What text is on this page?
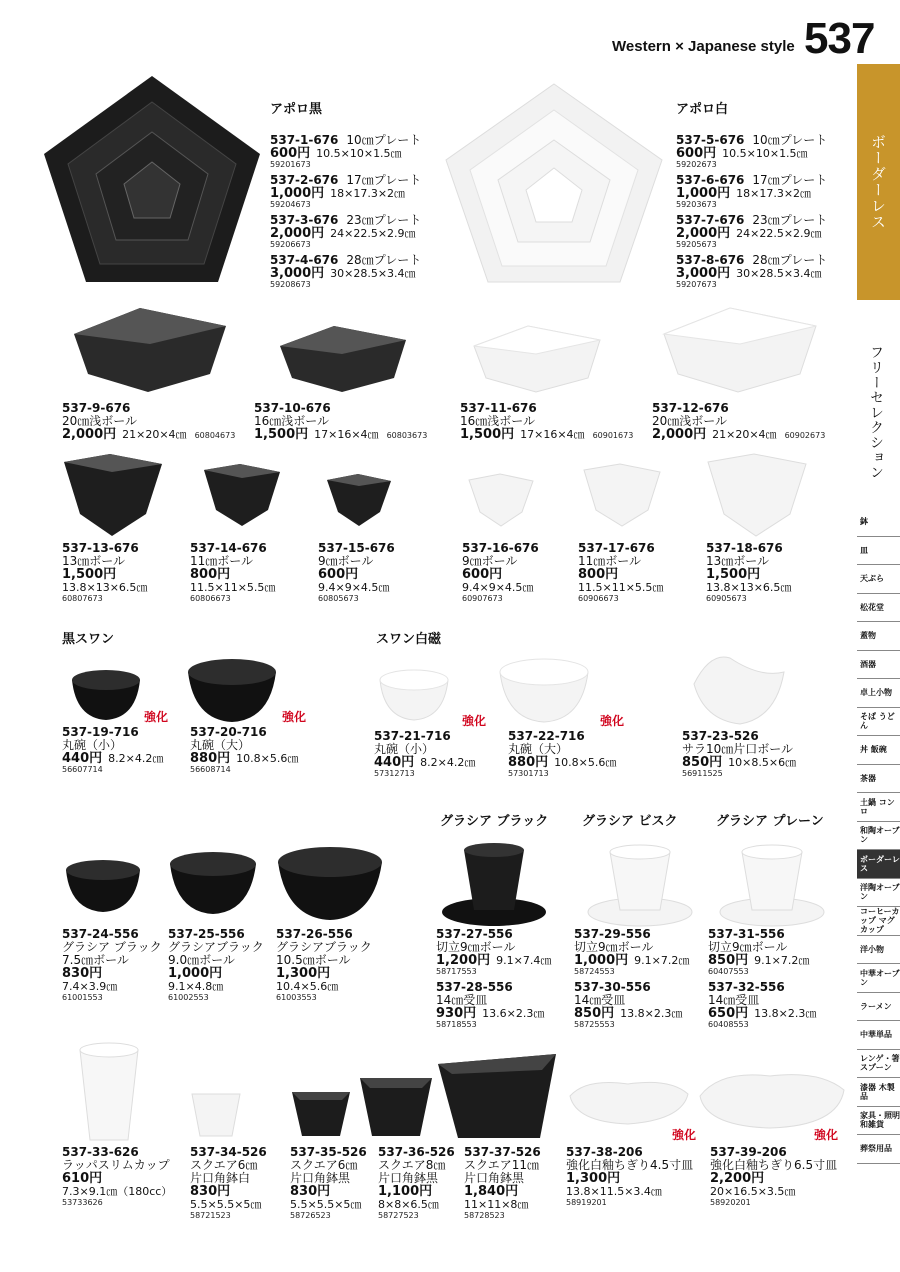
Western × Japanese style 537
ボーダーレス
フリーセレクション
鉢
皿
天ぷら
松花堂
蓋物
酒器
卓上小物
そば うどん
丼 飯碗
茶器
土鍋 コンロ
和陶オーブン
ボーダーレス
洋陶オーブン
コーヒーカップ マグカップ
洋小物
中華オーブン
ラーメン
中華単品
レンゲ・箸 スプーン
漆器 木製品
家具・照明 和雑貨
葬祭用品
アポロ黒	アポロ白
黒スワン	スワン白磁
グラシア ブラック	グラシア ビスク	グラシア プレーン
強化	強化	強化	強化
強化	強化
537-1-676 10㎝プレート
600円 10.5×10×1.5㎝
59201673
537-2-676 17㎝プレート
1,000円 18×17.3×2㎝
59204673
537-3-676 23㎝プレート
2,000円 24×22.5×2.9㎝
59206673
537-4-676 28㎝プレート
3,000円 30×28.5×3.4㎝
59208673
537-5-676 10㎝プレート
600円 10.5×10×1.5㎝
59202673
537-6-676 17㎝プレート
1,000円 18×17.3×2㎝
59203673
537-7-676 23㎝プレート
2,000円 24×22.5×2.9㎝
59205673
537-8-676 28㎝プレート
3,000円 30×28.5×3.4㎝
59207673
537-9-676
20㎝浅ボール
2,000円 21×20×4㎝ 60804673
537-10-676
16㎝浅ボール
1,500円 17×16×4㎝ 60803673
537-11-676
16㎝浅ボール
1,500円 17×16×4㎝ 60901673
537-12-676
20㎝浅ボール
2,000円 21×20×4㎝ 60902673
537-13-676
13㎝ボール
1,500円
13.8×13×6.5㎝
60807673
537-14-676
11㎝ボール
800円
11.5×11×5.5㎝
60806673
537-15-676
9㎝ボール
600円
9.4×9×4.5㎝
60805673
537-16-676
9㎝ボール
600円
9.4×9×4.5㎝
60907673
537-17-676
11㎝ボール
800円
11.5×11×5.5㎝
60906673
537-18-676
13㎝ボール
1,500円
13.8×13×6.5㎝
60905673
537-19-716
丸碗（小）
440円 8.2×4.2㎝
56607714
537-20-716
丸碗（大）
880円 10.8×5.6㎝
56608714
537-21-716
丸碗（小）
440円 8.2×4.2㎝
57312713
537-22-716
丸碗（大）
880円 10.8×5.6㎝
57301713
537-23-526
サラ10㎝片口ボール
850円 10×8.5×6㎝
56911525
537-24-556
グラシア ブラック
7.5㎝ボール
830円
7.4×3.9㎝
61001553
537-25-556
グラシアブラック
9.0㎝ボール
1,000円
9.1×4.8㎝
61002553
537-26-556
グラシアブラック
10.5㎝ボール
1,300円
10.4×5.6㎝
61003553
537-27-556
切立9㎝ボール
1,200円 9.1×7.4㎝
58717553
537-28-556
14㎝受皿
930円 13.6×2.3㎝
58718553
537-29-556
切立9㎝ボール
1,000円 9.1×7.2㎝
58724553
537-30-556
14㎝受皿
850円 13.8×2.3㎝
58725553
537-31-556
切立9㎝ボール
850円 9.1×7.2㎝
60407553
537-32-556
14㎝受皿
650円 13.8×2.3㎝
60408553
537-33-626
ラッパスリムカップ
610円
7.3×9.1㎝（180cc）
53733626
537-34-526
スクエア6㎝
片口角鉢白
830円
5.5×5.5×5㎝
58721523
537-35-526
スクエア6㎝
片口角鉢黒
830円
5.5×5.5×5㎝
58726523
537-36-526
スクエア8㎝
片口角鉢黒
1,100円
8×8×6.5㎝
58727523
537-37-526
スクエア11㎝
片口角鉢黒
1,840円
11×11×8㎝
58728523
537-38-206
強化白釉ちぎり4.5寸皿
1,300円
13.8×11.5×3.4㎝
58919201
537-39-206
強化白釉ちぎり6.5寸皿
2,200円
20×16.5×3.5㎝
58920201
